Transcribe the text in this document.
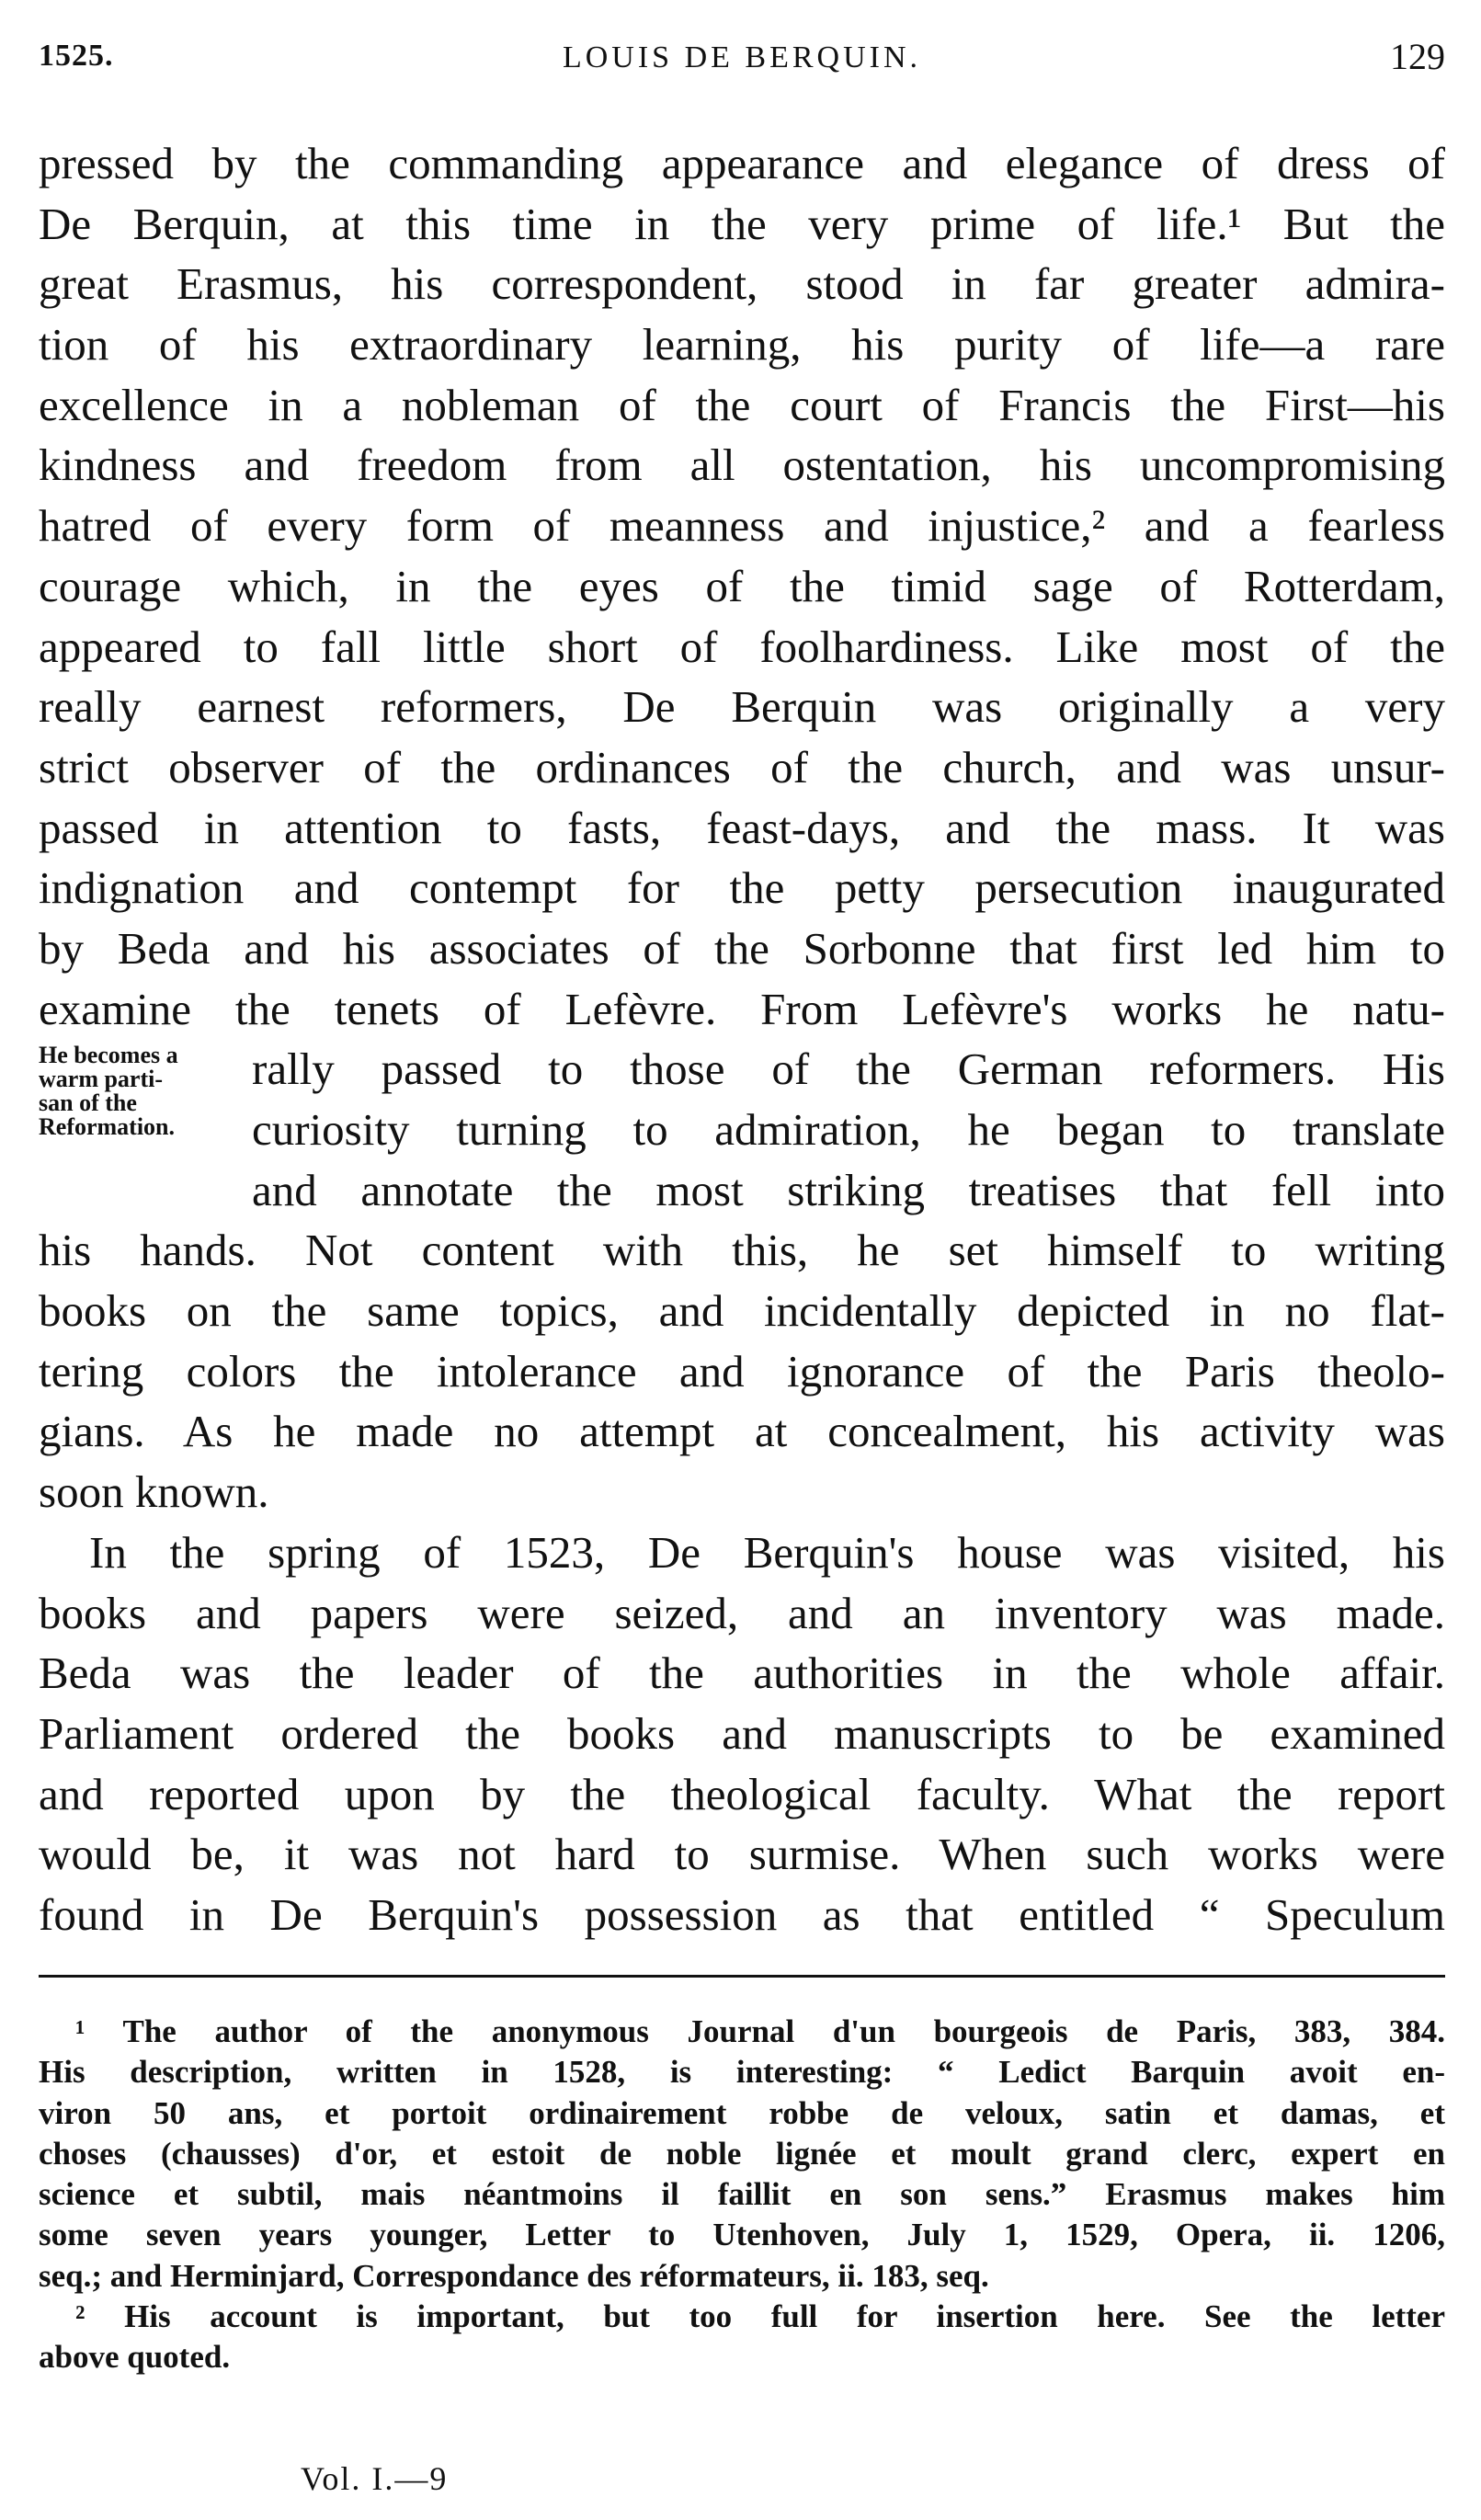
1525.	LOUIS DE BERQUIN.	129
pressed by the commanding appearance and elegance of dress of
De Berquin, at this time in the very prime of life.¹ But the
great Erasmus, his correspondent, stood in far greater admira-
tion of his extraordinary learning, his purity of life—a rare
excellence in a nobleman of the court of Francis the First—his
kindness and freedom from all ostentation, his uncompromising
hatred of every form of meanness and injustice,² and a fearless
courage which, in the eyes of the timid sage of Rotterdam,
appeared to fall little short of foolhardiness. Like most of the
really earnest reformers, De Berquin was originally a very
strict observer of the ordinances of the church, and was unsur-
passed in attention to fasts, feast-days, and the mass. It was
indignation and contempt for the petty persecution inaugurated
by Beda and his associates of the Sorbonne that first led him to
examine the tenets of Lefèvre. From Lefèvre's works he natu-
rally passed to those of the German reformers. His
curiosity turning to admiration, he began to translate
and annotate the most striking treatises that fell into
his hands. Not content with this, he set himself to writing
books on the same topics, and incidentally depicted in no flat-
tering colors the intolerance and ignorance of the Paris theolo-
gians. As he made no attempt at concealment, his activity was
soon known.
In the spring of 1523, De Berquin's house was visited, his
books and papers were seized, and an inventory was made.
Beda was the leader of the authorities in the whole affair.
Parliament ordered the books and manuscripts to be examined
and reported upon by the theological faculty. What the report
would be, it was not hard to surmise. When such works were
found in De Berquin's possession as that entitled “ Speculum
He becomes a
warm parti-
san of the
Reformation.
¹ The author of the anonymous Journal d'un bourgeois de Paris, 383, 384.
His description, written in 1528, is interesting: “ Ledict Barquin avoit en-
viron 50 ans, et portoit ordinairement robbe de veloux, satin et damas, et
choses (chausses) d'or, et estoit de noble lignée et moult grand clerc, expert en
science et subtil, mais néantmoins il faillit en son sens.” Erasmus makes him
some seven years younger, Letter to Utenhoven, July 1, 1529, Opera, ii. 1206,
seq.; and Herminjard, Correspondance des réformateurs, ii. 183, seq.
² His account is important, but too full for insertion here. See the letter
above quoted.
Vol. I.—9
